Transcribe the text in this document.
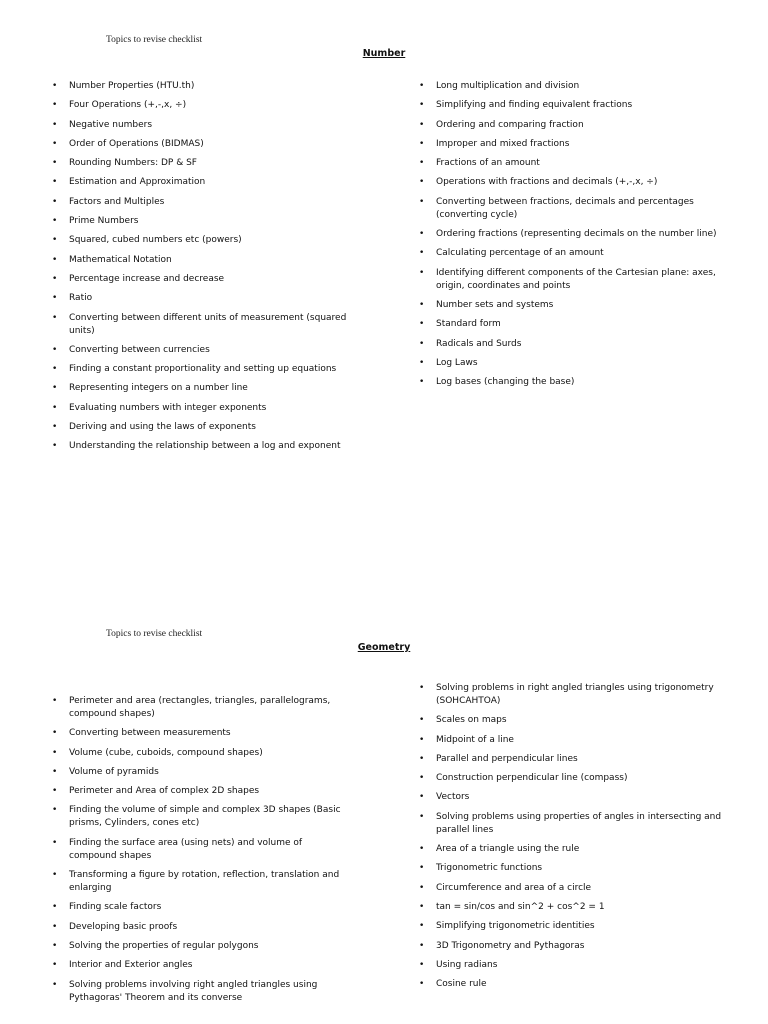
Topics to revise checklist
Number
• Number Properties (HTU.th)
• Four Operations (+,-,x, ÷)
• Negative numbers
• Order of Operations (BIDMAS)
• Rounding Numbers: DP & SF
• Estimation and Approximation
• Factors and Multiples
• Prime Numbers
• Squared, cubed numbers etc (powers)
• Mathematical Notation
• Percentage increase and decrease
• Ratio
• Converting between different units of measurement (squared units)
• Converting between currencies
• Finding a constant proportionality and setting up equations
• Representing integers on a number line
• Evaluating numbers with integer exponents
• Deriving and using the laws of exponents
• Understanding the relationship between a log and exponent
• Long multiplication and division
• Simplifying and finding equivalent fractions
• Ordering and comparing fraction
• Improper and mixed fractions
• Fractions of an amount
• Operations with fractions and decimals (+,-,x, ÷)
• Converting between fractions, decimals and percentages (converting cycle)
• Ordering fractions (representing decimals on the number line)
• Calculating percentage of an amount
• Identifying different components of the Cartesian plane: axes, origin, coordinates and points
• Number sets and systems
• Standard form
• Radicals and Surds
• Log Laws
• Log bases (changing the base)
Topics to revise checklist
Geometry
• Perimeter and area (rectangles, triangles, parallelograms, compound shapes)
• Converting between measurements
• Volume (cube, cuboids, compound shapes)
• Volume of pyramids
• Perimeter and Area of complex 2D shapes
• Finding the volume of simple and complex 3D shapes (Basic prisms, Cylinders, cones etc)
• Finding the surface area (using nets) and volume of compound shapes
• Transforming a figure by rotation, reflection, translation and enlarging
• Finding scale factors
• Developing basic proofs
• Solving the properties of regular polygons
• Interior and Exterior angles
• Solving problems involving right angled triangles using Pythagoras' Theorem and its converse
• Solving problems in right angled triangles using trigonometry (SOHCAHTOA)
• Scales on maps
• Midpoint of a line
• Parallel and perpendicular lines
• Construction perpendicular line (compass)
• Vectors
• Solving problems using properties of angles in intersecting and parallel lines
• Area of a triangle using the rule
• Trigonometric functions
• Circumference and area of a circle
• tan = sin/cos and sin^2 + cos^2 = 1
• Simplifying trigonometric identities
• 3D Trigonometry and Pythagoras
• Using radians
• Cosine rule
